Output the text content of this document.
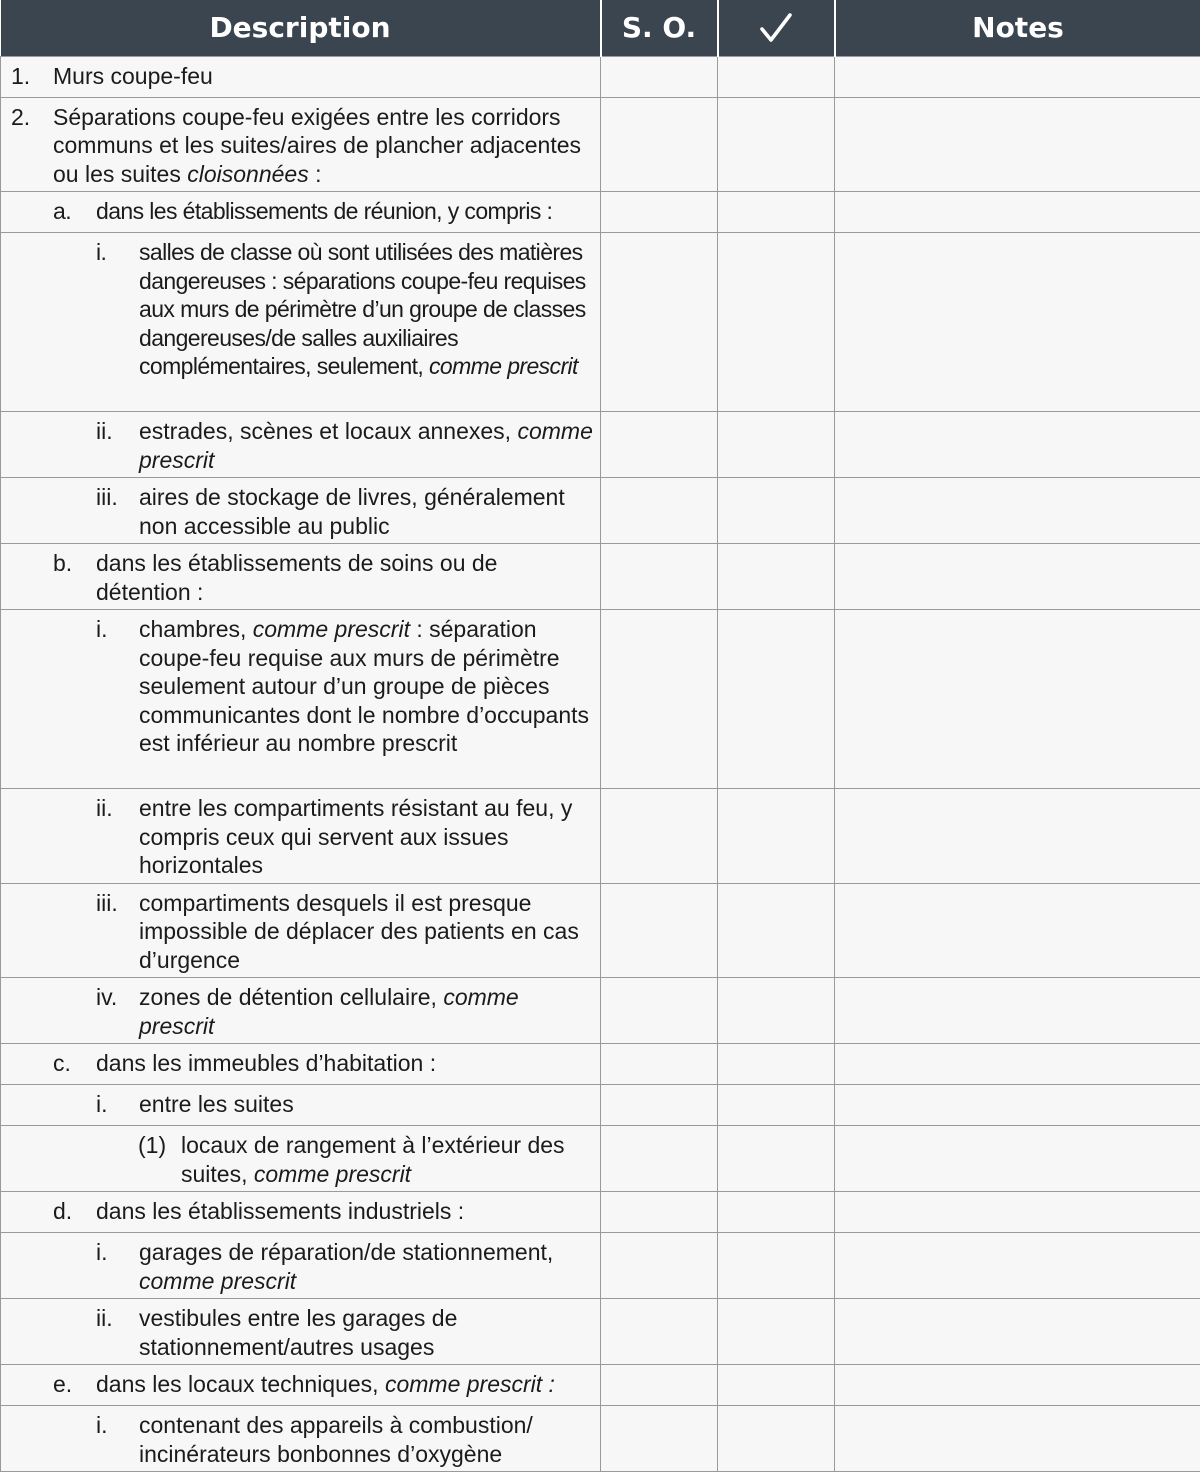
Description	S. O.		Notes

1. Murs coupe-feu			

2. Séparations coupe-feu exigées entre les corridors communs et les suites/aires de plancher adjacentes ou les suites cloisonnées :			

a. dans les établissements de réunion, y compris :			

i. salles de classe où sont utilisées des matières dangereuses : séparations coupe-feu requises aux murs de périmètre d’un groupe de classes dangereuses/de salles auxiliaires complémentaires, seulement, comme prescrit			

ii. estrades, scènes et locaux annexes, comme prescrit			

iii. aires de stockage de livres, généralement non accessible au public			

b. dans les établissements de soins ou de détention :			

i. chambres, comme prescrit : séparation coupe-feu requise aux murs de périmètre seulement autour d’un groupe de pièces communicantes dont le nombre d’occupants est inférieur au nombre prescrit			

ii. entre les compartiments résistant au feu, y compris ceux qui servent aux issues horizontales			

iii. compartiments desquels il est presque impossible de déplacer des patients en cas d’urgence			

iv. zones de détention cellulaire, comme prescrit			

c. dans les immeubles d’habitation :			

i. entre les suites			

(1) locaux de rangement à l’extérieur des suites, comme prescrit			

d. dans les établissements industriels :			

i. garages de réparation/de stationnement, comme prescrit			

ii. vestibules entre les garages de stationnement/autres usages			

e. dans les locaux techniques, comme prescrit :			

i. contenant des appareils à combustion/ incinérateurs bonbonnes d’oxygène			
